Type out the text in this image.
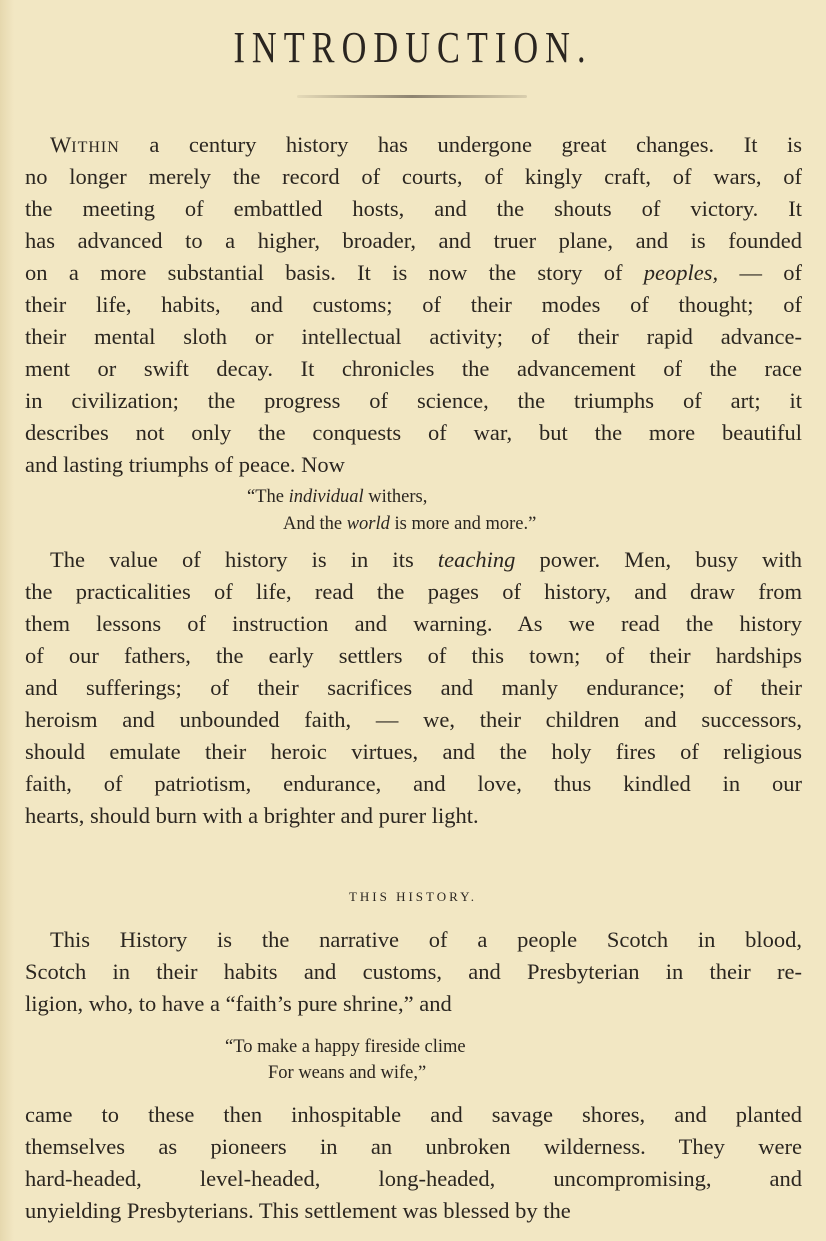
INTRODUCTION.
THIS HISTORY.
WITHIN a century history has undergone great changes. It is
no longer merely the record of courts, of kingly craft, of wars, of
the meeting of embattled hosts, and the shouts of victory. It
has advanced to a higher, broader, and truer plane, and is founded
on a more substantial basis. It is now the story of peoples, — of
their life, habits, and customs; of their modes of thought; of
their mental sloth or intellectual activity; of their rapid advance-
ment or swift decay. It chronicles the advancement of the race
in civilization; the progress of science, the triumphs of art; it
describes not only the conquests of war, but the more beautiful
and lasting triumphs of peace. Now
“The individual withers,
And the world is more and more.”
The value of history is in its teaching power. Men, busy with
the practicalities of life, read the pages of history, and draw from
them lessons of instruction and warning. As we read the history
of our fathers, the early settlers of this town; of their hardships
and sufferings; of their sacrifices and manly endurance; of their
heroism and unbounded faith, — we, their children and successors,
should emulate their heroic virtues, and the holy fires of religious
faith, of patriotism, endurance, and love, thus kindled in our
hearts, should burn with a brighter and purer light.
This History is the narrative of a people Scotch in blood,
Scotch in their habits and customs, and Presbyterian in their re-
ligion, who, to have a “faith’s pure shrine,” and
“To make a happy fireside clime
For weans and wife,”
came to these then inhospitable and savage shores, and planted
themselves as pioneers in an unbroken wilderness. They were
hard-headed, level-headed, long-headed, uncompromising, and
unyielding Presbyterians. This settlement was blessed by the
